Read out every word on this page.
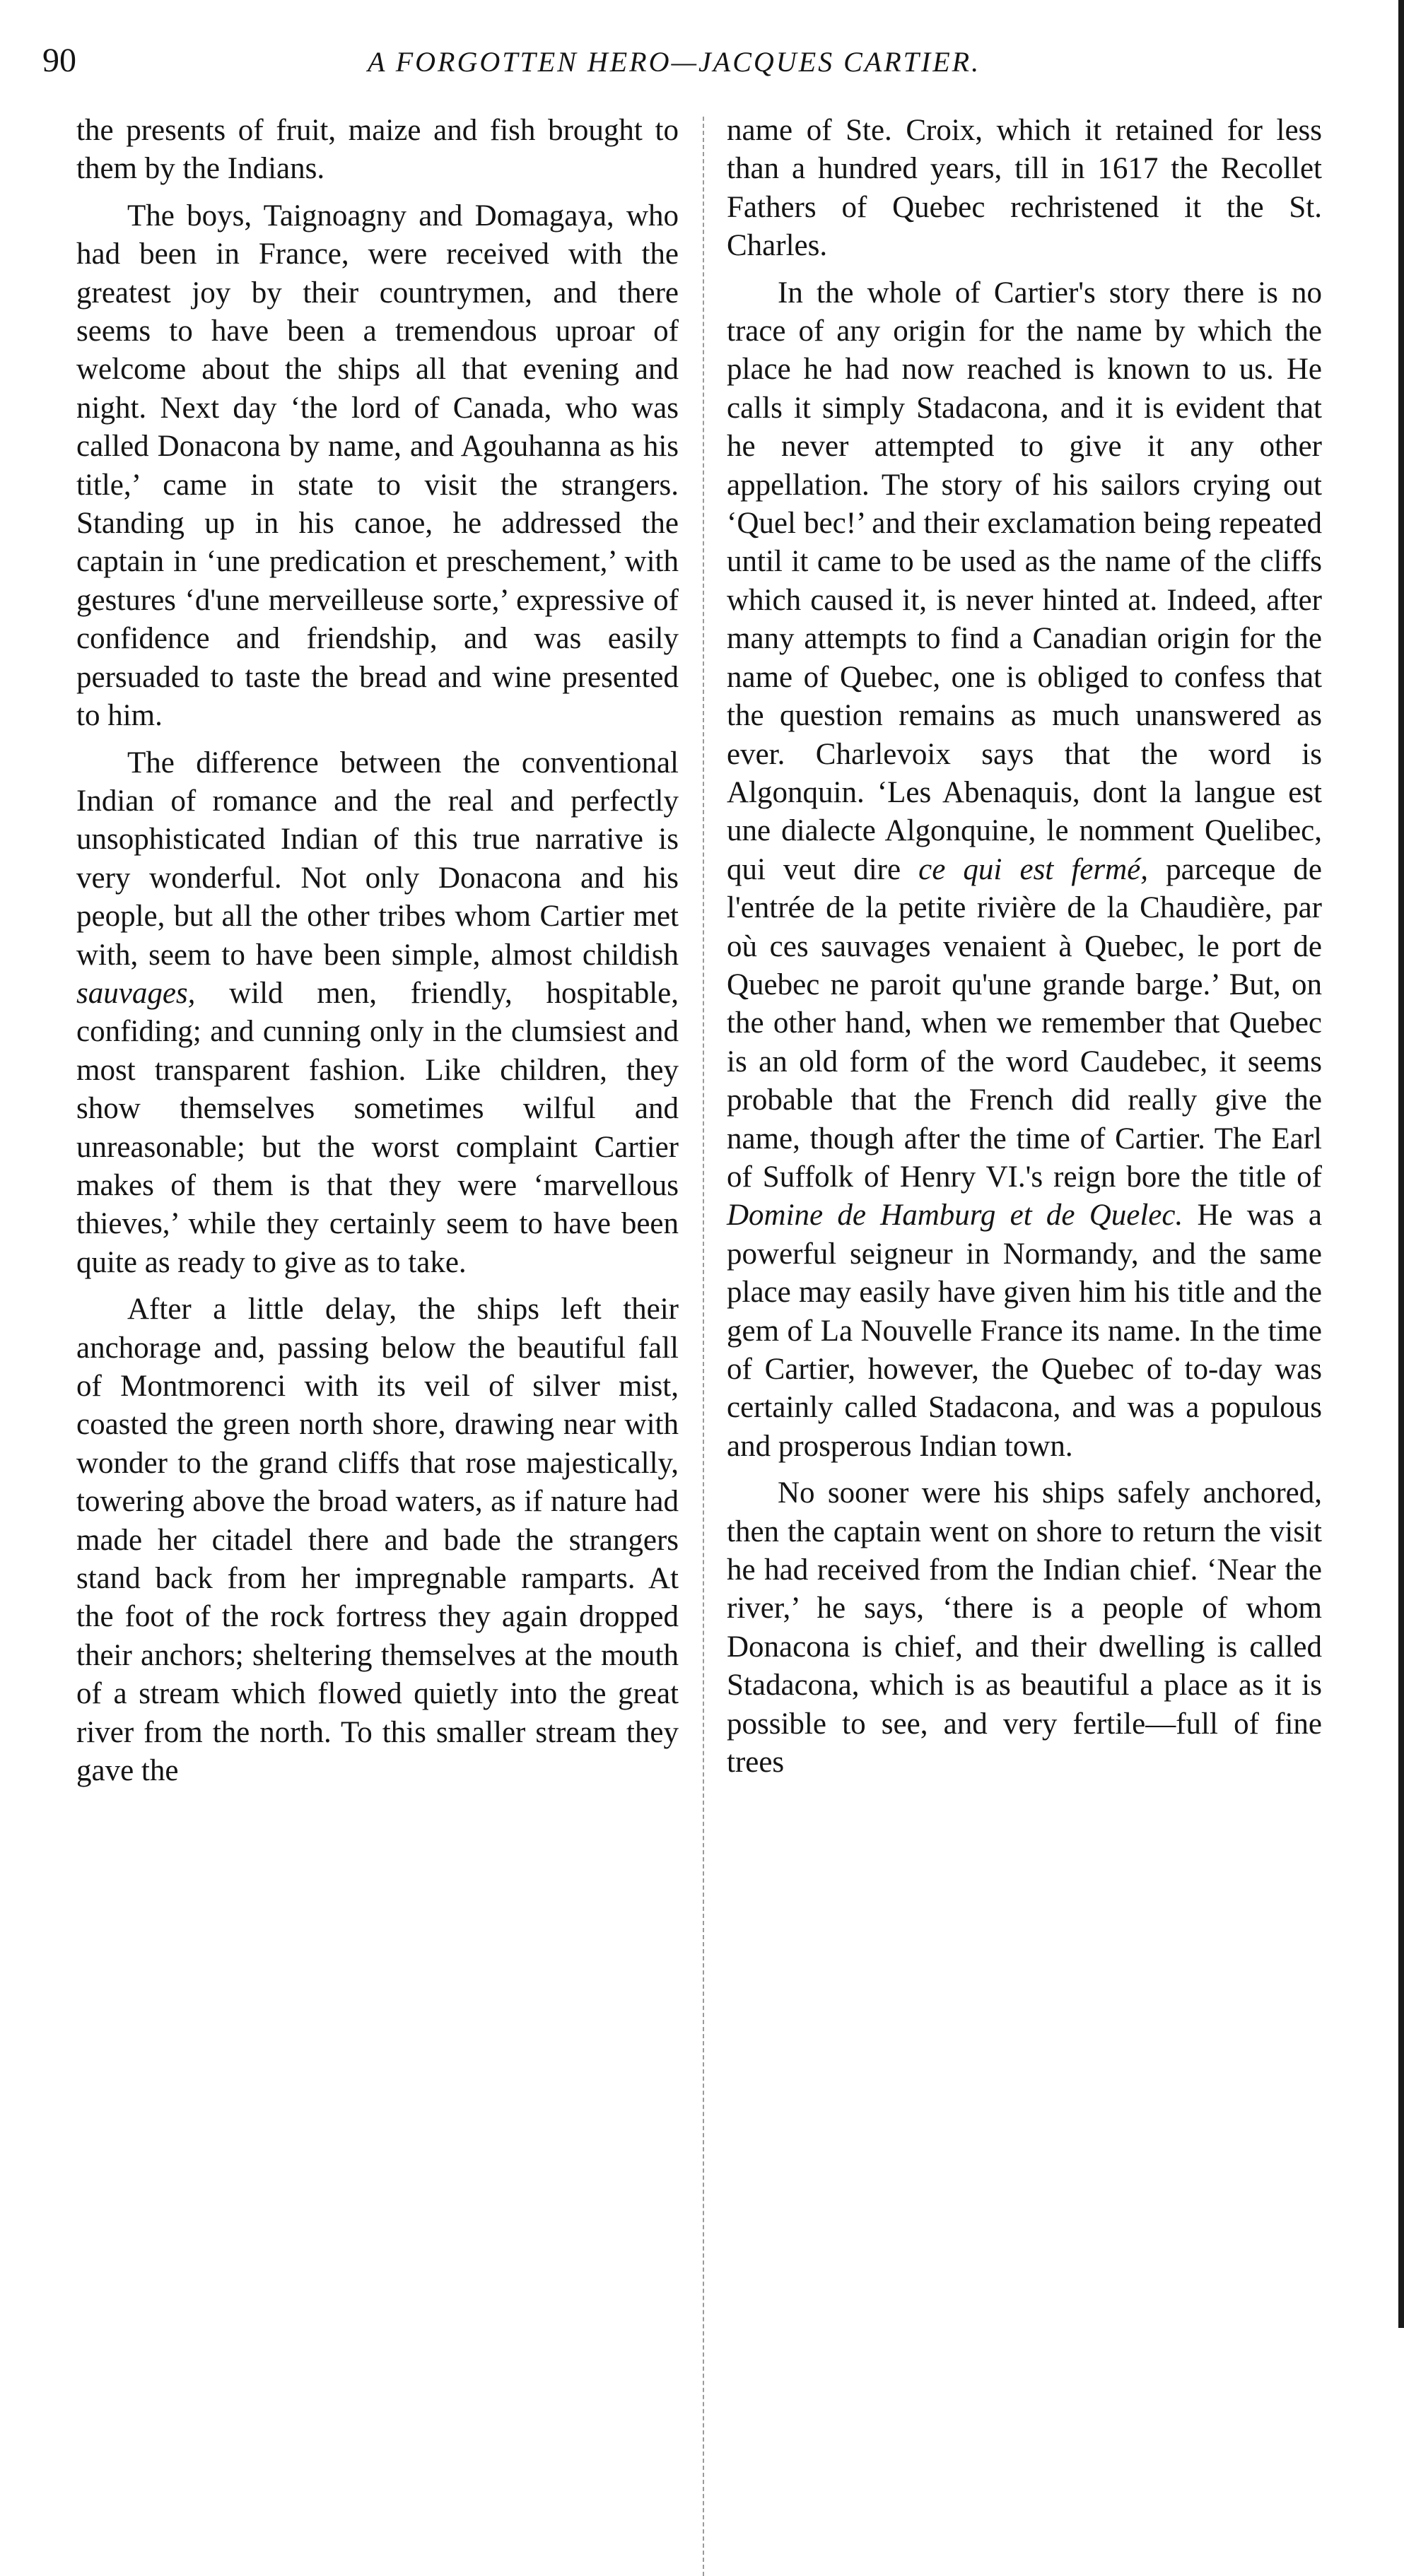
90	A FORGOTTEN HERO—JACQUES CARTIER.

the presents of fruit, maize and fish brought to them by the Indians.

The boys, Taignoagny and Domagaya, who had been in France, were received with the greatest joy by their countrymen, and there seems to have been a tremendous uproar of welcome about the ships all that evening and night. Next day ‘the lord of Canada, who was called Donacona by name, and Agouhanna as his title,’ came in state to visit the strangers. Standing up in his canoe, he addressed the captain in ‘une predication et preschement,’ with gestures ‘d'une merveilleuse sorte,’ expressive of confidence and friendship, and was easily persuaded to taste the bread and wine presented to him.

The difference between the conventional Indian of romance and the real and perfectly unsophisticated Indian of this true narrative is very wonderful. Not only Donacona and his people, but all the other tribes whom Cartier met with, seem to have been simple, almost childish sauvages, wild men, friendly, hospitable, confiding; and cunning only in the clumsiest and most transparent fashion. Like children, they show themselves sometimes wilful and unreasonable; but the worst complaint Cartier makes of them is that they were ‘marvellous thieves,’ while they certainly seem to have been quite as ready to give as to take.

After a little delay, the ships left their anchorage and, passing below the beautiful fall of Montmorenci with its veil of silver mist, coasted the green north shore, drawing near with wonder to the grand cliffs that rose majestically, towering above the broad waters, as if nature had made her citadel there and bade the strangers stand back from her impregnable ramparts. At the foot of the rock fortress they again dropped their anchors; sheltering themselves at the mouth of a stream which flowed quietly into the great river from the north. To this smaller stream they gave the

name of Ste. Croix, which it retained for less than a hundred years, till in 1617 the Recollet Fathers of Quebec rechristened it the St. Charles.

In the whole of Cartier's story there is no trace of any origin for the name by which the place he had now reached is known to us. He calls it simply Stadacona, and it is evident that he never attempted to give it any other appellation. The story of his sailors crying out ‘Quel bec!’ and their exclamation being repeated until it came to be used as the name of the cliffs which caused it, is never hinted at. Indeed, after many attempts to find a Canadian origin for the name of Quebec, one is obliged to confess that the question remains as much unanswered as ever. Charlevoix says that the word is Algonquin. ‘Les Abenaquis, dont la langue est une dialecte Algonquine, le nomment Quelibec, qui veut dire ce qui est fermé, parceque de l'entrée de la petite rivière de la Chaudière, par où ces sauvages venaient à Quebec, le port de Quebec ne paroit qu'une grande barge.’ But, on the other hand, when we remember that Quebec is an old form of the word Caudebec, it seems probable that the French did really give the name, though after the time of Cartier. The Earl of Suffolk of Henry VI.'s reign bore the title of Domine de Hamburg et de Quelec. He was a powerful seigneur in Normandy, and the same place may easily have given him his title and the gem of La Nouvelle France its name. In the time of Cartier, however, the Quebec of to-day was certainly called Stadacona, and was a populous and prosperous Indian town.

No sooner were his ships safely anchored, then the captain went on shore to return the visit he had received from the Indian chief. ‘Near the river,’ he says, ‘there is a people of whom Donacona is chief, and their dwelling is called Stadacona, which is as beautiful a place as it is possible to see, and very fertile—full of fine trees
